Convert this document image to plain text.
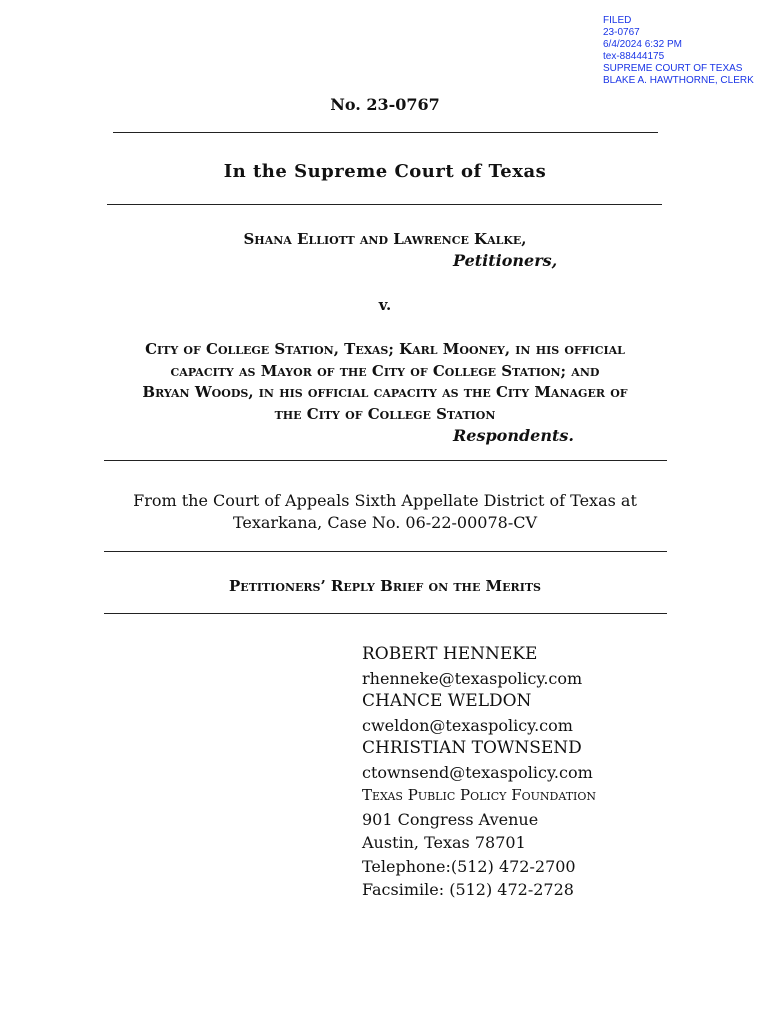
FILED
23-0767
6/4/2024 6:32 PM
tex-88444175
SUPREME COURT OF TEXAS
BLAKE A. HAWTHORNE, CLERK
No. 23-0767
In the Supreme Court of Texas
Shana Elliott and Lawrence Kalke,
Petitioners,
v.
City of College Station, Texas; Karl Mooney, in his official
capacity as Mayor of the City of College Station; and
Bryan Woods, in his official capacity as the City Manager of
the City of College Station
Respondents.
From the Court of Appeals Sixth Appellate District of Texas at
Texarkana, Case No. 06-22-00078-CV
Petitioners’ Reply Brief on the Merits
ROBERT HENNEKE
rhenneke@texaspolicy.com
CHANCE WELDON
cweldon@texaspolicy.com
CHRISTIAN TOWNSEND
ctownsend@texaspolicy.com
Texas Public Policy Foundation
901 Congress Avenue
Austin, Texas 78701
Telephone:(512) 472-2700
Facsimile: (512) 472-2728
